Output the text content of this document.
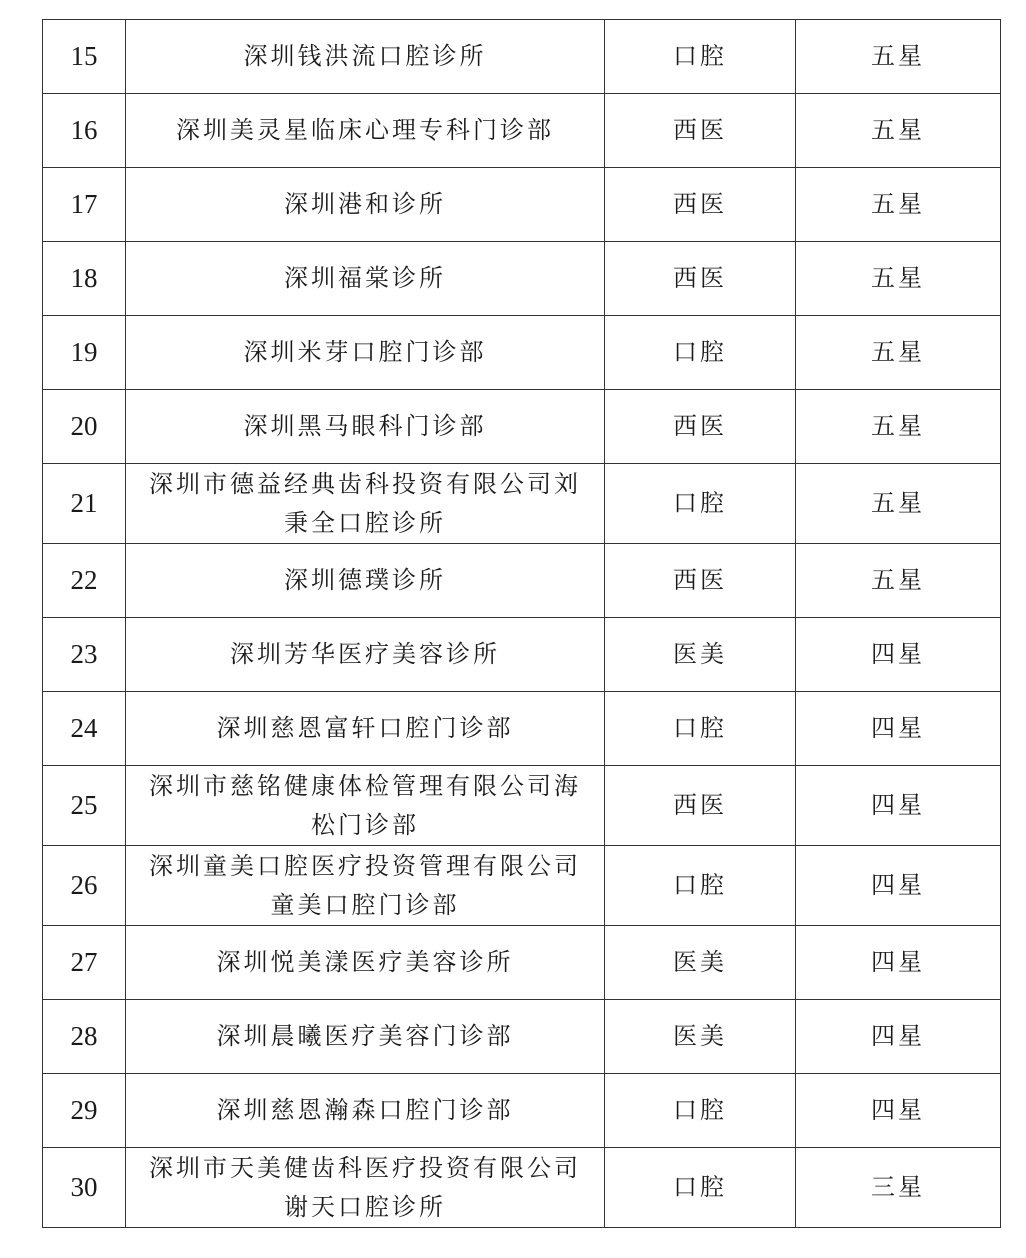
15	深圳钱洪流口腔诊所	口腔	五星
16	深圳美灵星临床心理专科门诊部	西医	五星
17	深圳港和诊所	西医	五星
18	深圳福棠诊所	西医	五星
19	深圳米芽口腔门诊部	口腔	五星
20	深圳黑马眼科门诊部	西医	五星
21	深圳市德益经典齿科投资有限公司刘秉全口腔诊所	口腔	五星
22	深圳德璞诊所	西医	五星
23	深圳芳华医疗美容诊所	医美	四星
24	深圳慈恩富轩口腔门诊部	口腔	四星
25	深圳市慈铭健康体检管理有限公司海松门诊部	西医	四星
26	深圳童美口腔医疗投资管理有限公司童美口腔门诊部	口腔	四星
27	深圳悦美漾医疗美容诊所	医美	四星
28	深圳晨曦医疗美容门诊部	医美	四星
29	深圳慈恩瀚森口腔门诊部	口腔	四星
30	深圳市天美健齿科医疗投资有限公司谢天口腔诊所	口腔	三星
